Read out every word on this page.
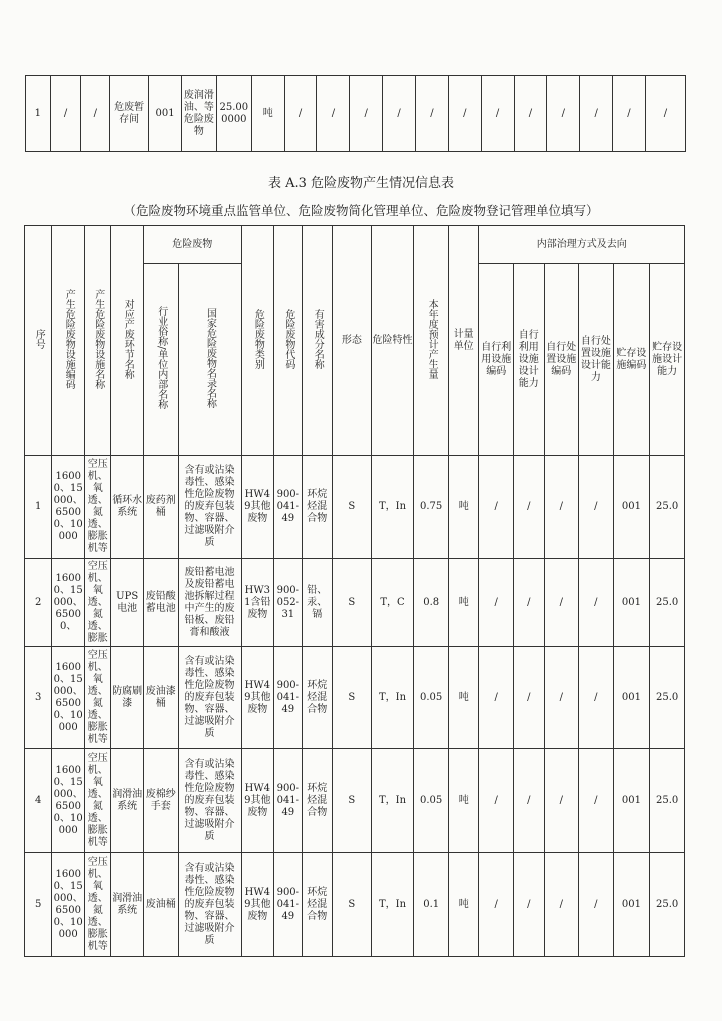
1	/	/	危废暂存间	001	废润滑油、等危险废物	25.000000	吨	/	/	/	/	/	/	/	/	/	/	/	/
表 A.3 危险废物产生情况信息表
（危险废物环境重点监管单位、危险废物简化管理单位、危险废物登记管理单位填写）
序号	产生危险废物设施编码	产生危险废物设施名称	对应产废环节名称	危险废物		危险废物类别	危险废物代码	有害成分名称	形态	危险特性	本年度预计产生量	计量单位	内部治理方式及去向					
				行业俗称/单位内部名称	国家危险废物名录名称								自行利用设施编码	自行利用设施设计能力	自行处置设施编码	自行处置设施设计能力	贮存设施编码	贮存设施设计能力
1	16000、15000、65000、10000	空压机、氧透、氮透、膨胀机等	循环水系统	废药剂桶	含有或沾染毒性、感染性危险废物的废弃包装物、容器、过滤吸附介质	HW49其他废物	900-041-49	环烷烃混合物	S	T，In	0.75	吨	/	/	/	/	001	25.0
2	16000、15000、65000、	空压机、氧透、氮透、膨胀	UPS电池	废铅酸蓄电池	废铅蓄电池及废铅蓄电池拆解过程中产生的废铅板、废铅膏和酸液	HW31含铅废物	900-052-31	铅、汞、镉	S	T，C	0.8	吨	/	/	/	/	001	25.0
3	16000、15000、65000、10000	空压机、氧透、氮透、膨胀机等	防腐刷漆	废油漆桶	含有或沾染毒性、感染性危险废物的废弃包装物、容器、过滤吸附介质	HW49其他废物	900-041-49	环烷烃混合物	S	T，In	0.05	吨	/	/	/	/	001	25.0
4	16000、15000、65000、10000	空压机、氧透、氮透、膨胀机等	润滑油系统	废棉纱手套	含有或沾染毒性、感染性危险废物的废弃包装物、容器、过滤吸附介质	HW49其他废物	900-041-49	环烷烃混合物	S	T，In	0.05	吨	/	/	/	/	001	25.0
5	16000、15000、65000、10000	空压机、氧透、氮透、膨胀机等	润滑油系统	废油桶	含有或沾染毒性、感染性危险废物的废弃包装物、容器、过滤吸附介质	HW49其他废物	900-041-49	环烷烃混合物	S	T，In	0.1	吨	/	/	/	/	001	25.0
